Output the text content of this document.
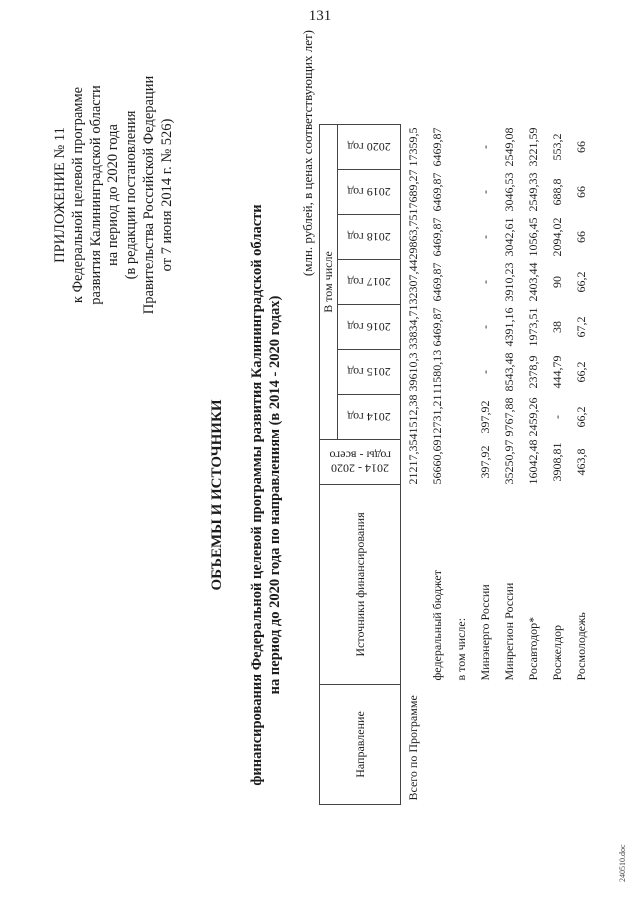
131
ПРИЛОЖЕНИЕ № 11 к Федеральной целевой программе развития Калининградской области на период до 2020 года (в редакции постановления Правительства Российской Федерации от 7 июня 2014 г. № 526)
ОБЪЕМЫ И ИСТОЧНИКИ финансирования Федеральной целевой программы развития Калининградской области на период до 2020 года по направлениям (в 2014 - 2020 годах)
(млн. рублей, в ценах соответствующих лет)
Направление	Источники финансирования	2014 - 2020 годы - всего	В том числе						
			2014 год	2015 год	2016 год	2017 год	2018 год	2019 год	2020 год
Всего по Программе		21217,35	41512,38	39610,3	33834,71	32307,44	29863,75	17689,27	17359,5
	федеральный бюджет	56660,69	12731,21	11580,13	6469,87	6469,87	6469,87	6469,87	6469,87
	в том числе:								
	Минэнерго России	397,92	397,92	-	-	-	-	-	-
	Минрегион России	35250,97	9767,88	8543,48	4391,16	3910,23	3042,61	3046,53	2549,08
	Росавтодор*	16042,48	2459,26	2378,9	1973,51	2403,44	1056,45	2549,33	3221,59
	Росжелдор	3908,81	-	444,79	38	90	2094,02	688,8	553,2
	Росмолодежь	463,8	66,2	66,2	67,2	66,2	66	66	66
240510.doc
